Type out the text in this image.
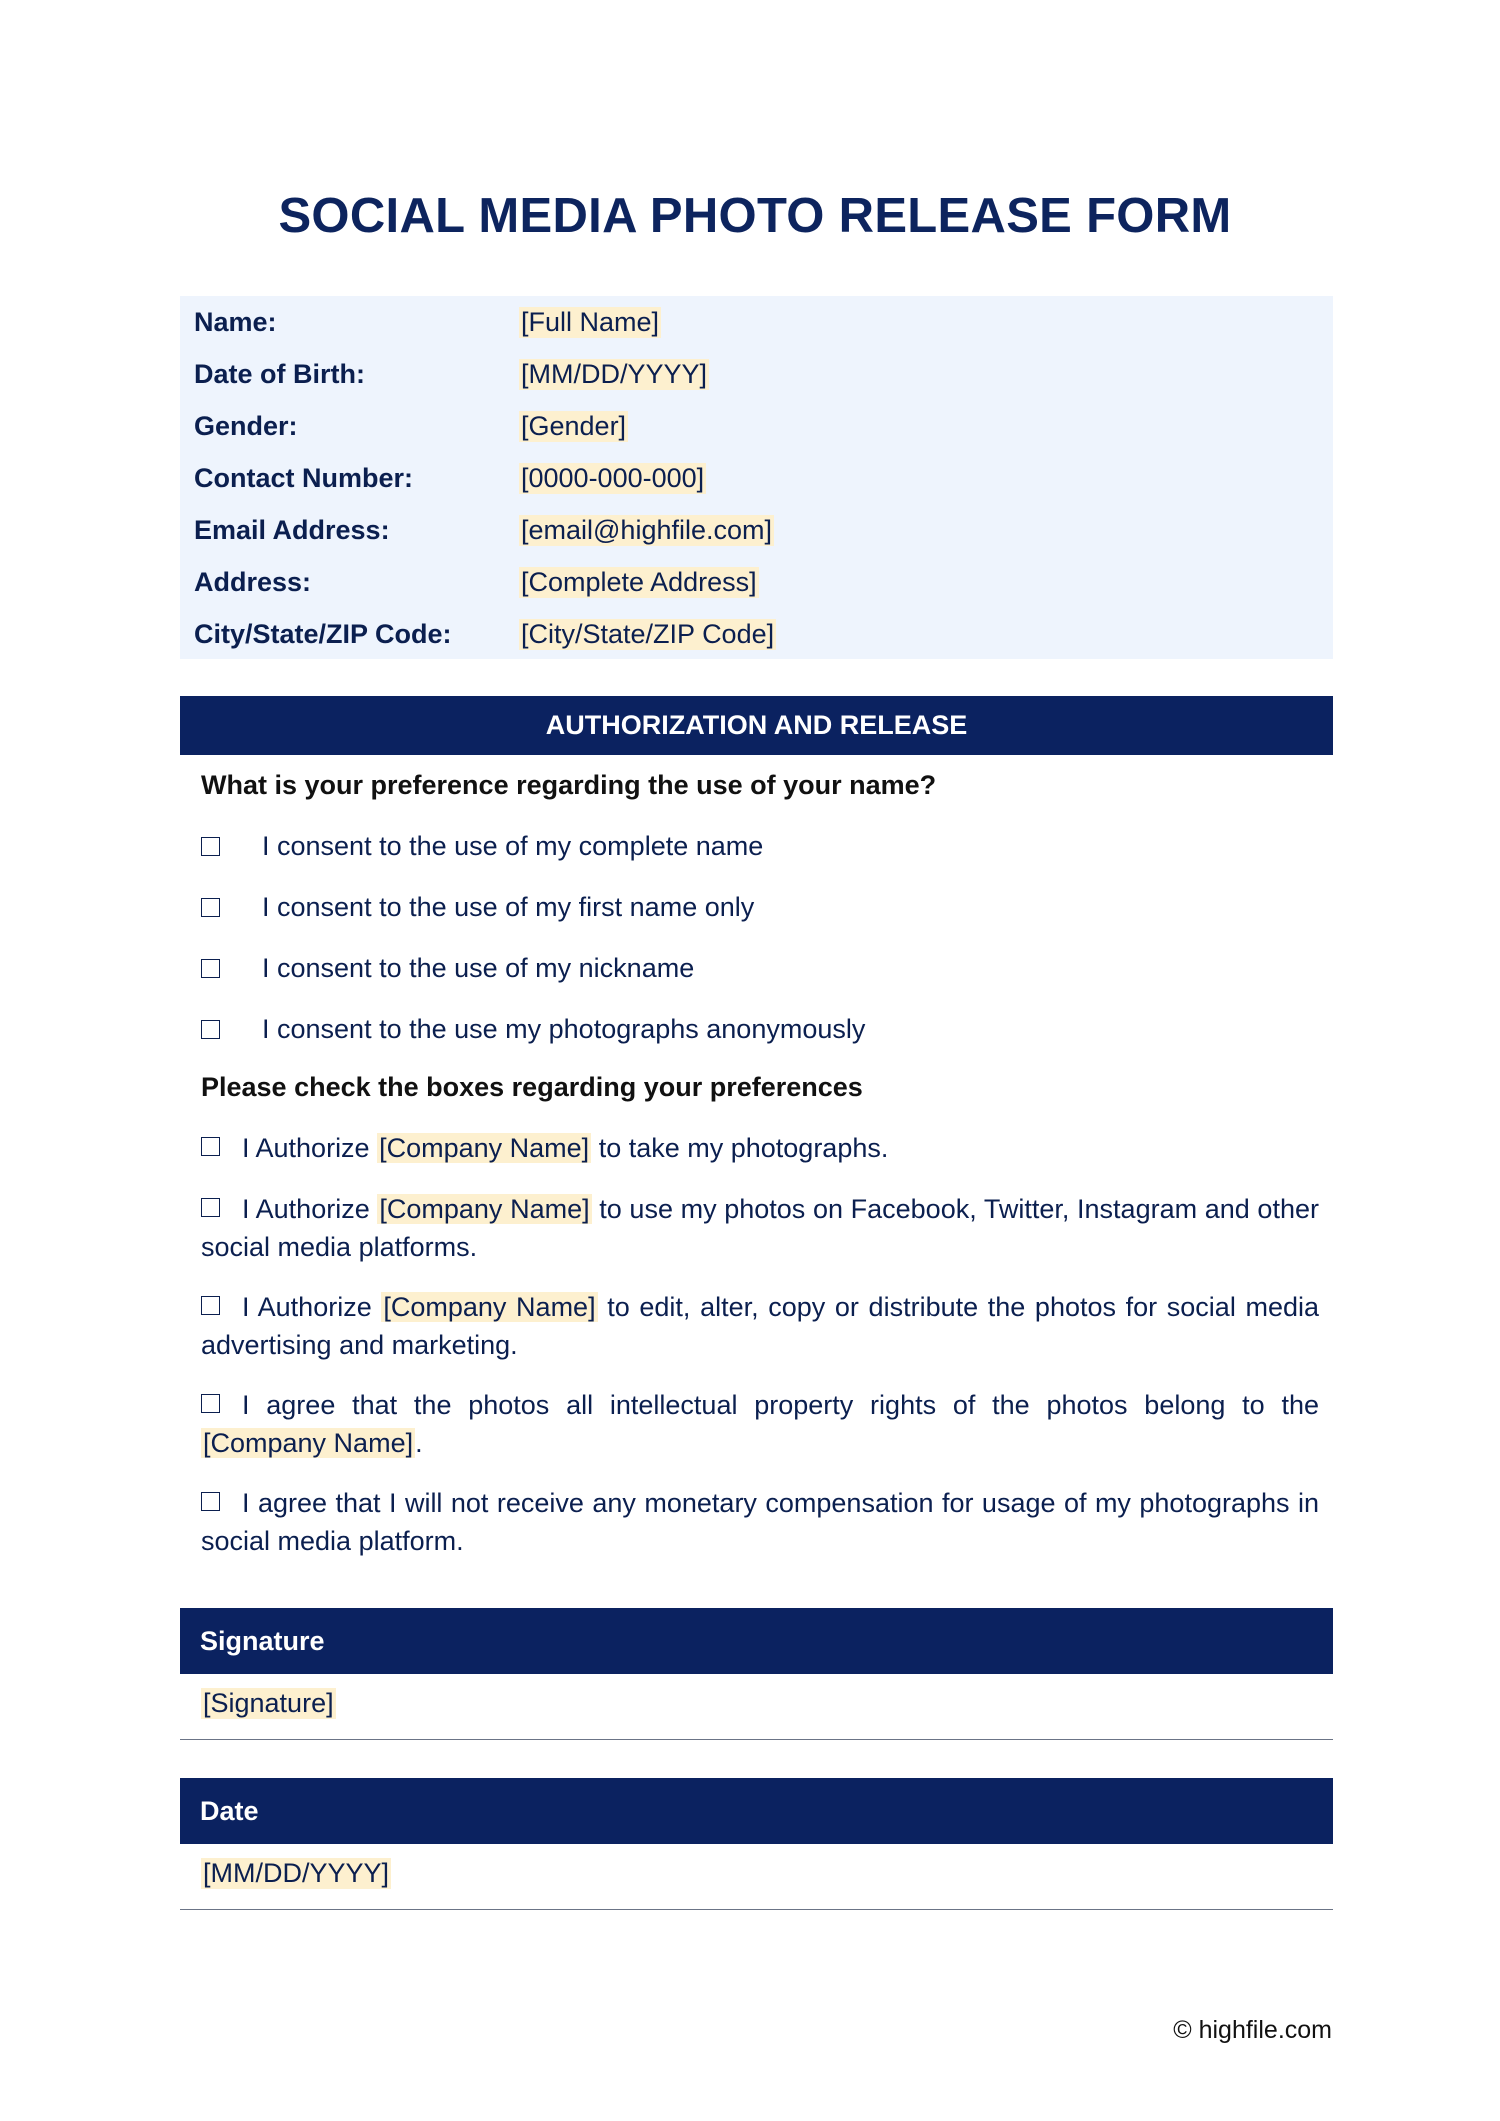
SOCIAL MEDIA PHOTO RELEASE FORM
Name:	[Full Name]
Date of Birth:	[MM/DD/YYYY]
Gender:	[Gender]
Contact Number:	[0000-000-000]
Email Address:	[email@highfile.com]
Address:	[Complete Address]
City/State/ZIP Code:	[City/State/ZIP Code]
AUTHORIZATION AND RELEASE
What is your preference regarding the use of your name?
I consent to the use of my complete name
I consent to the use of my first name only
I consent to the use of my nickname
I consent to the use my photographs anonymously
Please check the boxes regarding your preferences
I Authorize [Company Name] to take my photographs.
I Authorize [Company Name] to use my photos on Facebook, Twitter, Instagram and other social media platforms.
I Authorize [Company Name] to edit, alter, copy or distribute the photos for social media advertising and marketing.
I agree that the photos all intellectual property rights of the photos belong to the [Company Name].
I agree that I will not receive any monetary compensation for usage of my photographs in social media platform.
Signature
[Signature]
Date
[MM/DD/YYYY]
© highfile.com
